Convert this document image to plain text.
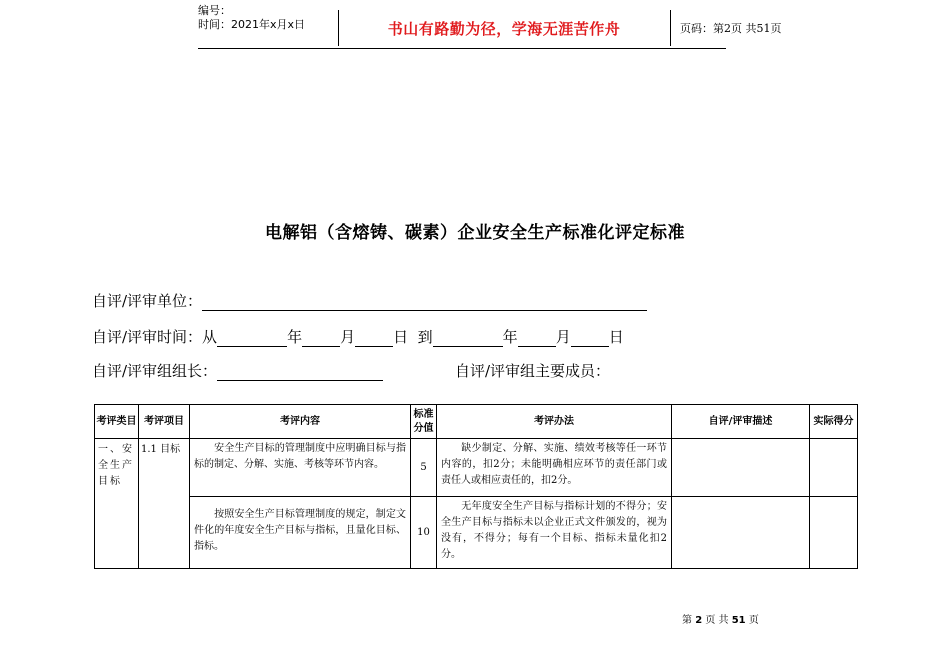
编号：
时间：2021年x月x日	书山有路勤为径，学海无涯苦作舟	页码：第2页 共51页
电解铝（含熔铸、碳素）企业安全生产标准化评定标准
自评/评审单位：
自评/评审时间：从	年	月	日 到	年	月	日
自评/评审组组长：	自评/评审组主要成员：
考评类目	考评项目	考评内容	标准分值	考评办法	自评/评审描述	实际得分
一、安全生产目标	1.1 目标	安全生产目标的管理制度中应明确目标与指标的制定、分解、实施、考核等环节内容。	5	缺少制定、分解、实施、绩效考核等任一环节内容的，扣2分；未能明确相应环节的责任部门或责任人或相应责任的，扣2分。		
		按照安全生产目标管理制度的规定，制定文件化的年度安全生产目标与指标，且量化目标、指标。	10	无年度安全生产目标与指标计划的不得分；安全生产目标与指标未以企业正式文件颁发的，视为没有，不得分；每有一个目标、指标未量化扣2分。		
第 2 页 共 51 页
